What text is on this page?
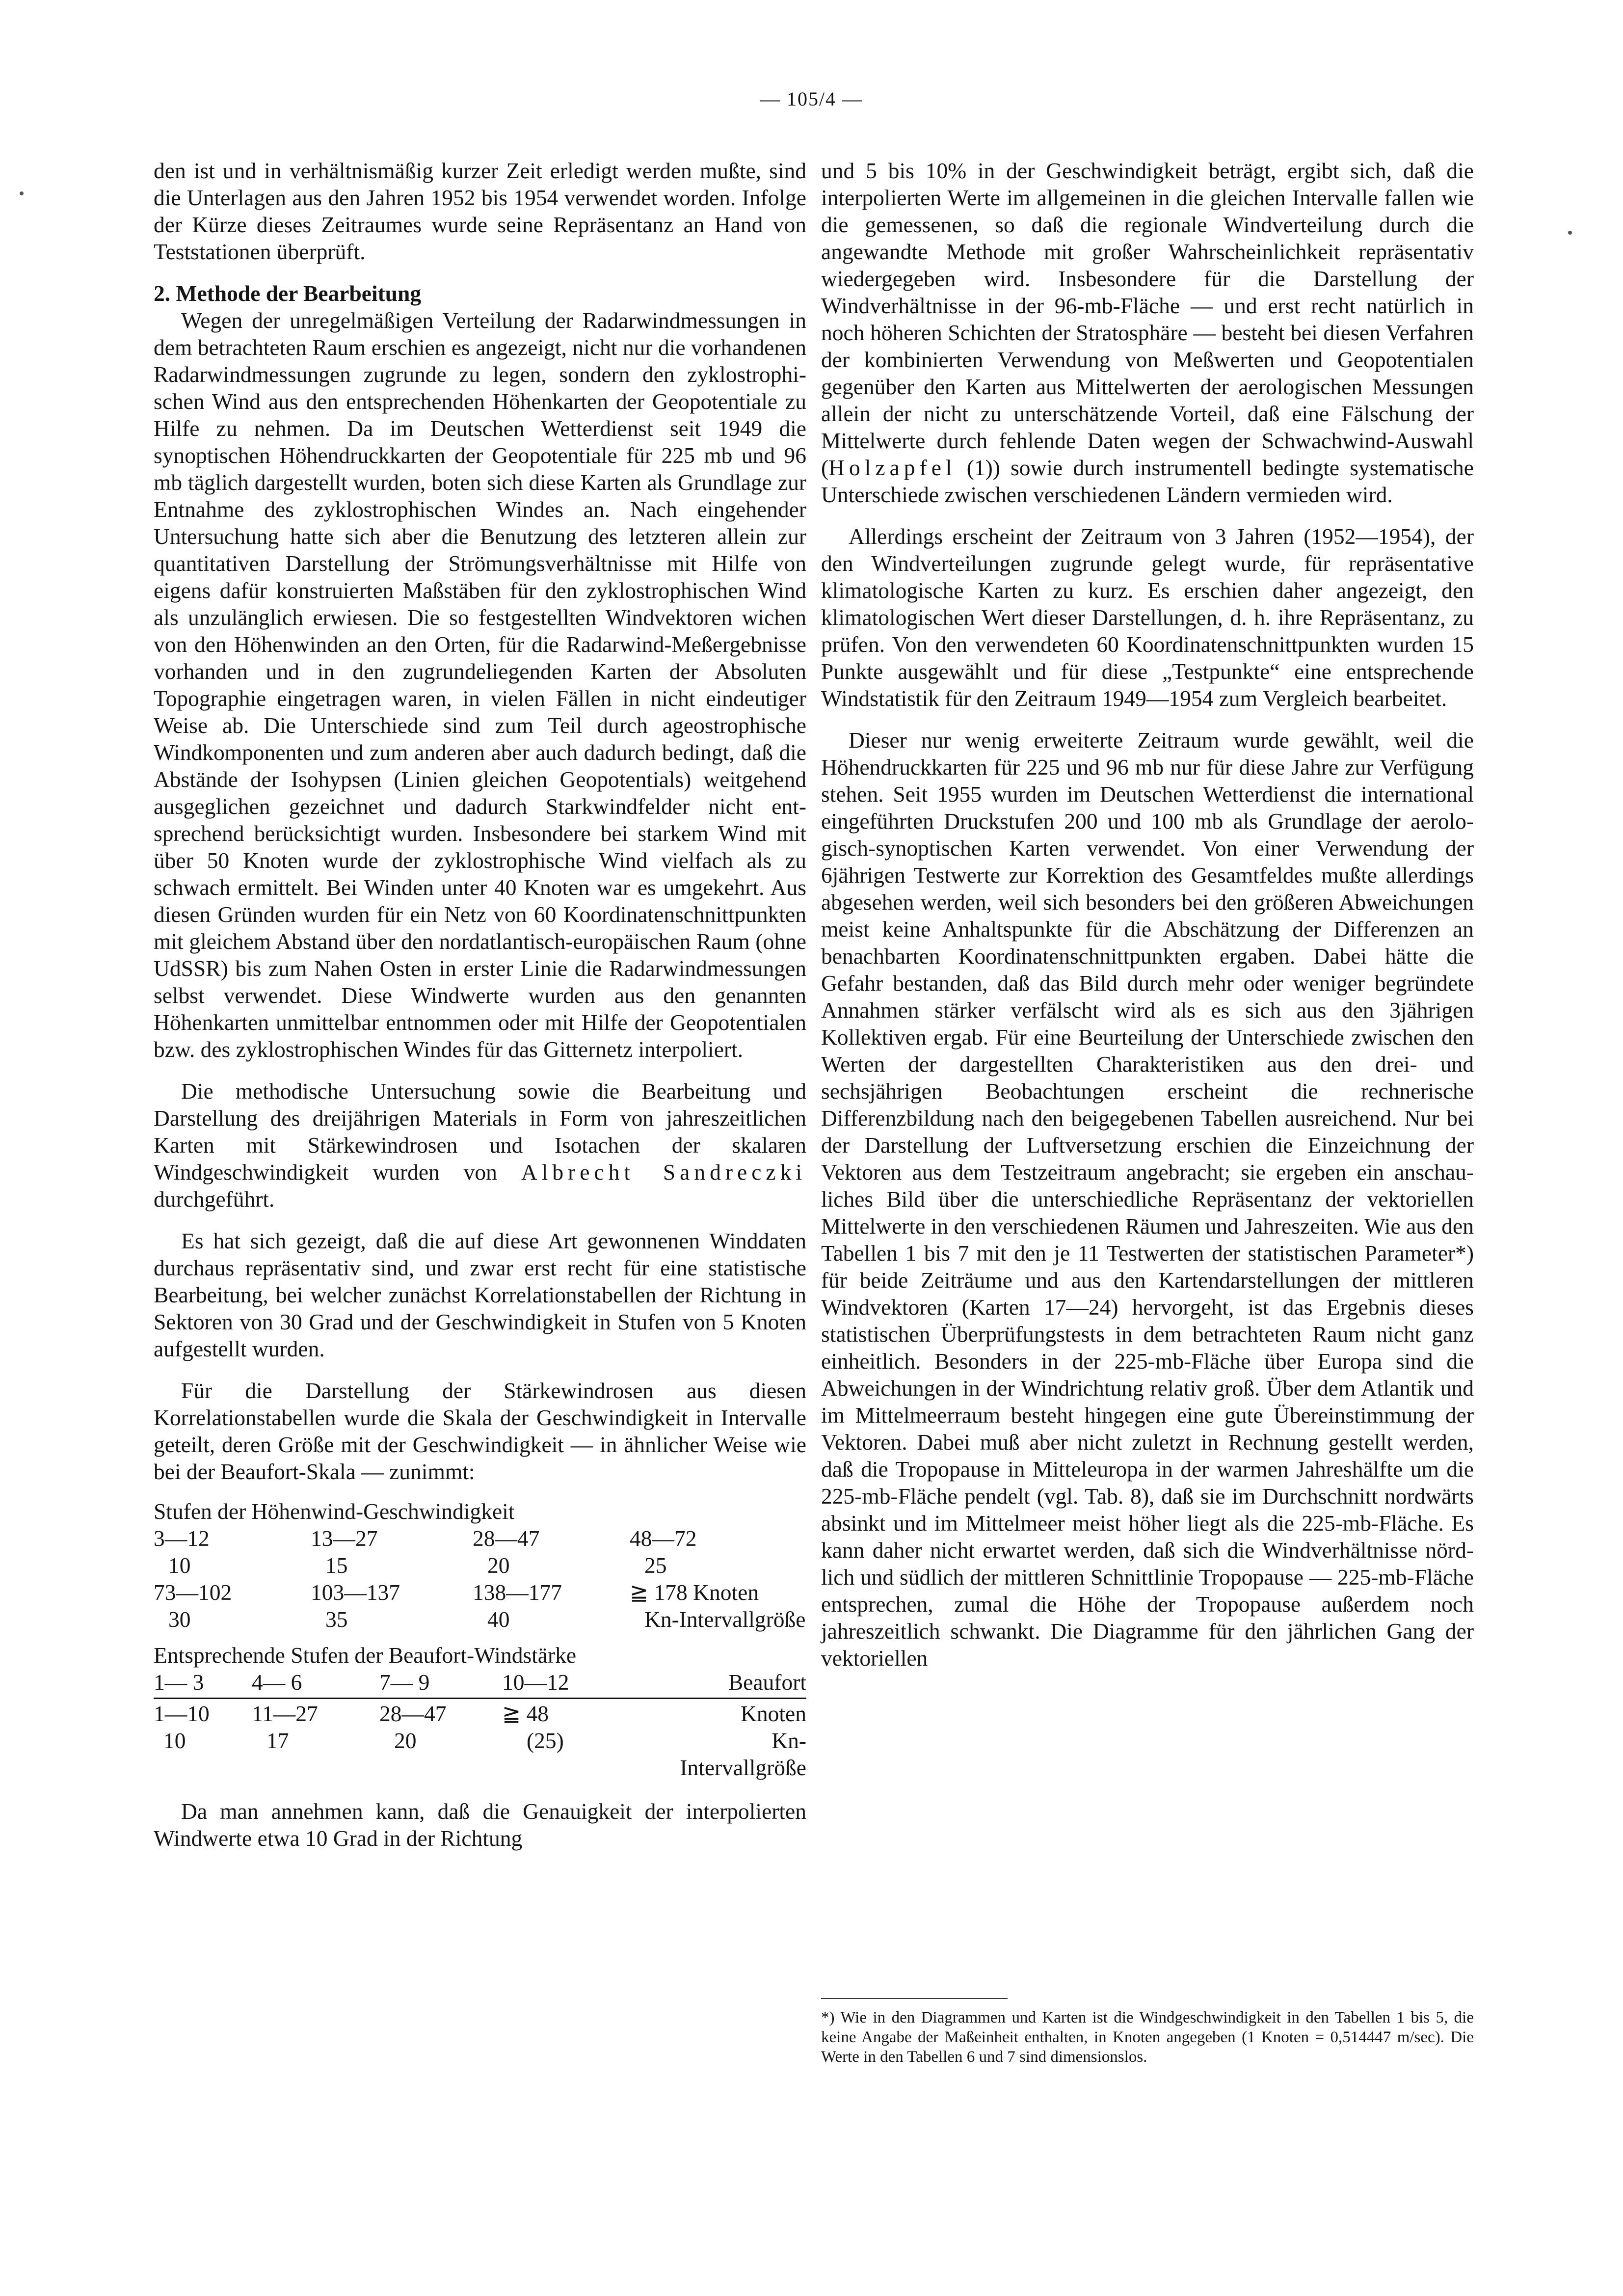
— 105/4 —

den ist und in verhältnismäßig kurzer Zeit erledigt werden mußte, sind die Unterlagen aus den Jahren 1952 bis 1954 verwendet worden. Infolge der Kürze dieses Zeitraumes wurde seine Repräsentanz an Hand von Teststationen überprüft.

2. Methode der Bearbeitung

Wegen der unregelmäßigen Verteilung der Radarwindmessungen in dem betrachteten Raum erschien es angezeigt, nicht nur die vorhandenen Radarwindmessungen zugrunde zu legen, sondern den zyklostrophischen Wind aus den entsprechenden Höhenkarten der Geopotentiale zu Hilfe zu nehmen. Da im Deutschen Wetterdienst seit 1949 die synoptischen Höhendruckkarten der Geopotentiale für 225 mb und 96 mb täglich dargestellt wurden, boten sich diese Karten als Grundlage zur Entnahme des zyklostrophischen Windes an. Nach eingehender Untersuchung hatte sich aber die Benutzung des letzteren allein zur quantitativen Darstellung der Strömungsverhältnisse mit Hilfe von eigens dafür konstruierten Maßstäben für den zyklostrophischen Wind als unzulänglich erwiesen. Die so festgestellten Windvektoren wichen von den Höhenwinden an den Orten, für die Radarwind-Meßergebnisse vorhanden und in den zugrundeliegenden Karten der Absoluten Topographie eingetragen waren, in vielen Fällen in nicht eindeutiger Weise ab. Die Unterschiede sind zum Teil durch ageostrophische Windkomponenten und zum anderen aber auch dadurch bedingt, daß die Abstände der Isohypsen (Linien gleichen Geopotentials) weitgehend ausgeglichen gezeichnet und dadurch Starkwindfelder nicht entsprechend berücksichtigt wurden. Insbesondere bei starkem Wind mit über 50 Knoten wurde der zyklostrophische Wind vielfach als zu schwach ermittelt. Bei Winden unter 40 Knoten war es umgekehrt. Aus diesen Gründen wurden für ein Netz von 60 Koordinatenschnittpunkten mit gleichem Abstand über den nordatlantisch-europäischen Raum (ohne UdSSR) bis zum Nahen Osten in erster Linie die Radarwindmessungen selbst verwendet. Diese Windwerte wurden aus den genannten Höhenkarten unmittelbar entnommen oder mit Hilfe der Geopotentialen bzw. des zyklostrophischen Windes für das Gitternetz interpoliert.

Die methodische Untersuchung sowie die Bearbeitung und Darstellung des dreijährigen Materials in Form von jahreszeitlichen Karten mit Stärkewindrosen und Isotachen der skalaren Windgeschwindigkeit wurden von Albrecht Sandreczki durchgeführt.

Es hat sich gezeigt, daß die auf diese Art gewonnenen Winddaten durchaus repräsentativ sind, und zwar erst recht für eine statistische Bearbeitung, bei welcher zunächst Korrelationstabellen der Richtung in Sektoren von 30 Grad und der Geschwindigkeit in Stufen von 5 Knoten aufgestellt wurden.

Für die Darstellung der Stärkewindrosen aus diesen Korrelationstabellen wurde die Skala der Geschwindigkeit in Intervalle geteilt, deren Größe mit der Geschwindigkeit — in ähnlicher Weise wie bei der Beaufort-Skala — zunimmt:

Stufen der Höhenwind-Geschwindigkeit
3—12	13—27	28—47	48—72
10	15	20	25
73—102	103—137	138—177	≧ 178 Knoten
30	35	40	Kn-Intervallgröße
Entsprechende Stufen der Beaufort-Windstärke
1— 3	4— 6	7— 9	10—12	Beaufort
1—10	11—27	28—47	≧ 48	Knoten
10	17	20	(25)	Kn-Intervallgröße

Da man annehmen kann, daß die Genauigkeit der interpolierten Windwerte etwa 10 Grad in der Richtung

und 5 bis 10% in der Geschwindigkeit beträgt, ergibt sich, daß die interpolierten Werte im allgemeinen in die gleichen Intervalle fallen wie die gemessenen, so daß die regionale Windverteilung durch die angewandte Methode mit großer Wahrscheinlichkeit repräsentativ wiedergegeben wird. Insbesondere für die Darstellung der Windverhältnisse in der 96-mb-Fläche — und erst recht natürlich in noch höheren Schichten der Stratosphäre — besteht bei diesen Verfahren der kombinierten Verwendung von Meßwerten und Geopotentialen gegenüber den Karten aus Mittelwerten der aerologischen Messungen allein der nicht zu unterschätzende Vorteil, daß eine Fälschung der Mittelwerte durch fehlende Daten wegen der Schwachwind-Auswahl (Holzapfel (1)) sowie durch instrumentell bedingte systematische Unterschiede zwischen verschiedenen Ländern vermieden wird.

Allerdings erscheint der Zeitraum von 3 Jahren (1952—1954), der den Windverteilungen zugrunde gelegt wurde, für repräsentative klimatologische Karten zu kurz. Es erschien daher angezeigt, den klimatologischen Wert dieser Darstellungen, d. h. ihre Repräsentanz, zu prüfen. Von den verwendeten 60 Koordinatenschnittpunkten wurden 15 Punkte ausgewählt und für diese „Testpunkte“ eine entsprechende Windstatistik für den Zeitraum 1949—1954 zum Vergleich bearbeitet.

Dieser nur wenig erweiterte Zeitraum wurde gewählt, weil die Höhendruckkarten für 225 und 96 mb nur für diese Jahre zur Verfügung stehen. Seit 1955 wurden im Deutschen Wetterdienst die international eingeführten Druckstufen 200 und 100 mb als Grundlage der aerologisch-synoptischen Karten verwendet. Von einer Verwendung der 6jährigen Testwerte zur Korrektion des Gesamtfeldes mußte allerdings abgesehen werden, weil sich besonders bei den größeren Abweichungen meist keine Anhaltspunkte für die Abschätzung der Differenzen an benachbarten Koordinatenschnittpunkten ergaben. Dabei hätte die Gefahr bestanden, daß das Bild durch mehr oder weniger begründete Annahmen stärker verfälscht wird als es sich aus den 3jährigen Kollektiven ergab. Für eine Beurteilung der Unterschiede zwischen den Werten der dargestellten Charakteristiken aus den drei- und sechsjährigen Beobachtungen erscheint die rechnerische Differenzbildung nach den beigegebenen Tabellen ausreichend. Nur bei der Darstellung der Luftversetzung erschien die Einzeichnung der Vektoren aus dem Testzeitraum angebracht; sie ergeben ein anschauliches Bild über die unterschiedliche Repräsentanz der vektoriellen Mittelwerte in den verschiedenen Räumen und Jahreszeiten. Wie aus den Tabellen 1 bis 7 mit den je 11 Testwerten der statistischen Parameter*) für beide Zeiträume und aus den Kartendarstellungen der mittleren Windvektoren (Karten 17—24) hervorgeht, ist das Ergebnis dieses statistischen Überprüfungstests in dem betrachteten Raum nicht ganz einheitlich. Besonders in der 225-mb-Fläche über Europa sind die Abweichungen in der Windrichtung relativ groß. Über dem Atlantik und im Mittelmeerraum besteht hingegen eine gute Übereinstimmung der Vektoren. Dabei muß aber nicht zuletzt in Rechnung gestellt werden, daß die Tropopause in Mitteleuropa in der warmen Jahreshälfte um die 225-mb-Fläche pendelt (vgl. Tab. 8), daß sie im Durchschnitt nordwärts absinkt und im Mittelmeer meist höher liegt als die 225-mb-Fläche. Es kann daher nicht erwartet werden, daß sich die Windverhältnisse nördlich und südlich der mittleren Schnittlinie Tropopause — 225-mb-Fläche entsprechen, zumal die Höhe der Tropopause außerdem noch jahreszeitlich schwankt. Die Diagramme für den jährlichen Gang der vektoriellen

*) Wie in den Diagrammen und Karten ist die Windgeschwindigkeit in den Tabellen 1 bis 5, die keine Angabe der Maßeinheit enthalten, in Knoten angegeben (1 Knoten = 0,514447 m/sec). Die Werte in den Tabellen 6 und 7 sind dimensionslos.
